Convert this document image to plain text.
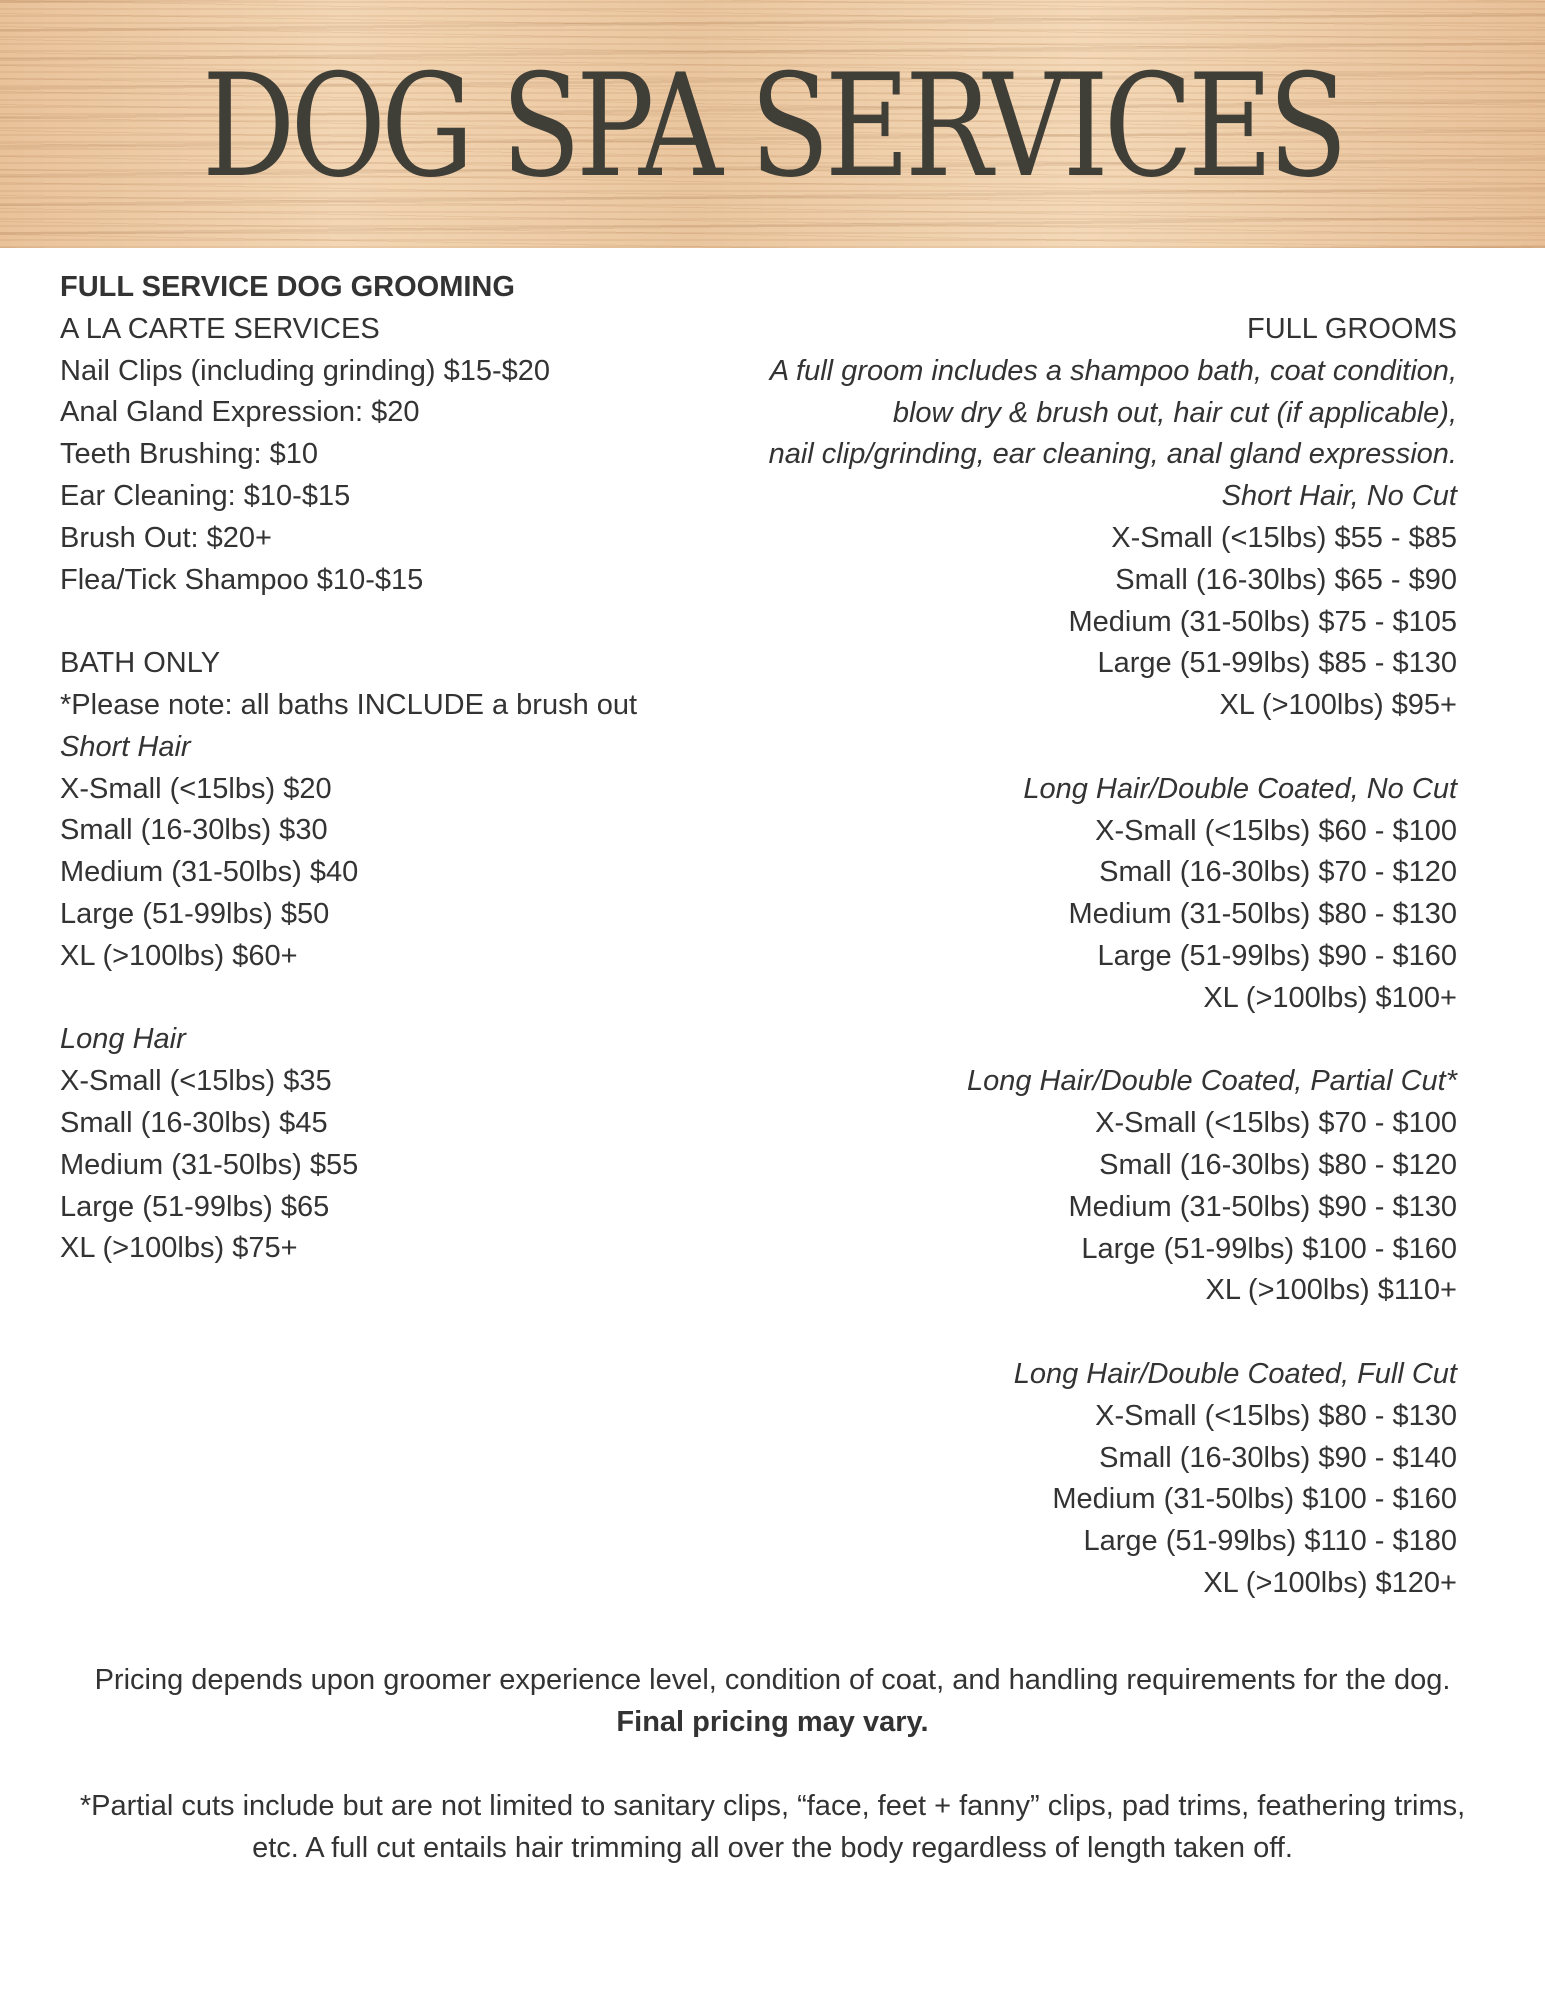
DOG SPA SERVICES
FULL SERVICE DOG GROOMING
A LA CARTE SERVICES
Nail Clips (including grinding) $15-$20
Anal Gland Expression: $20
Teeth Brushing: $10
Ear Cleaning: $10-$15
Brush Out: $20+
Flea/Tick Shampoo $10-$15
BATH ONLY
*Please note: all baths INCLUDE a brush out
Short Hair
X-Small (<15lbs) $20
Small (16-30lbs) $30
Medium (31-50lbs) $40
Large (51-99lbs) $50
XL (>100lbs) $60+
Long Hair
X-Small (<15lbs) $35
Small (16-30lbs) $45
Medium (31-50lbs) $55
Large (51-99lbs) $65
XL (>100lbs) $75+
FULL GROOMS
A full groom includes a shampoo bath, coat condition,
blow dry & brush out, hair cut (if applicable),
nail clip/grinding, ear cleaning, anal gland expression.
Short Hair, No Cut
X-Small (<15lbs) $55 - $85
Small (16-30lbs) $65 - $90
Medium (31-50lbs) $75 - $105
Large (51-99lbs) $85 - $130
XL (>100lbs) $95+
Long Hair/Double Coated, No Cut
X-Small (<15lbs) $60 - $100
Small (16-30lbs) $70 - $120
Medium (31-50lbs) $80 - $130
Large (51-99lbs) $90 - $160
XL (>100lbs) $100+
Long Hair/Double Coated, Partial Cut*
X-Small (<15lbs) $70 - $100
Small (16-30lbs) $80 - $120
Medium (31-50lbs) $90 - $130
Large (51-99lbs) $100 - $160
XL (>100lbs) $110+
Long Hair/Double Coated, Full Cut
X-Small (<15lbs) $80 - $130
Small (16-30lbs) $90 - $140
Medium (31-50lbs) $100 - $160
Large (51-99lbs) $110 - $180
XL (>100lbs) $120+
Pricing depends upon groomer experience level, condition of coat, and handling requirements for the dog.
Final pricing may vary.
*Partial cuts include but are not limited to sanitary clips, “face, feet + fanny” clips, pad trims, feathering trims,
etc. A full cut entails hair trimming all over the body regardless of length taken off.
